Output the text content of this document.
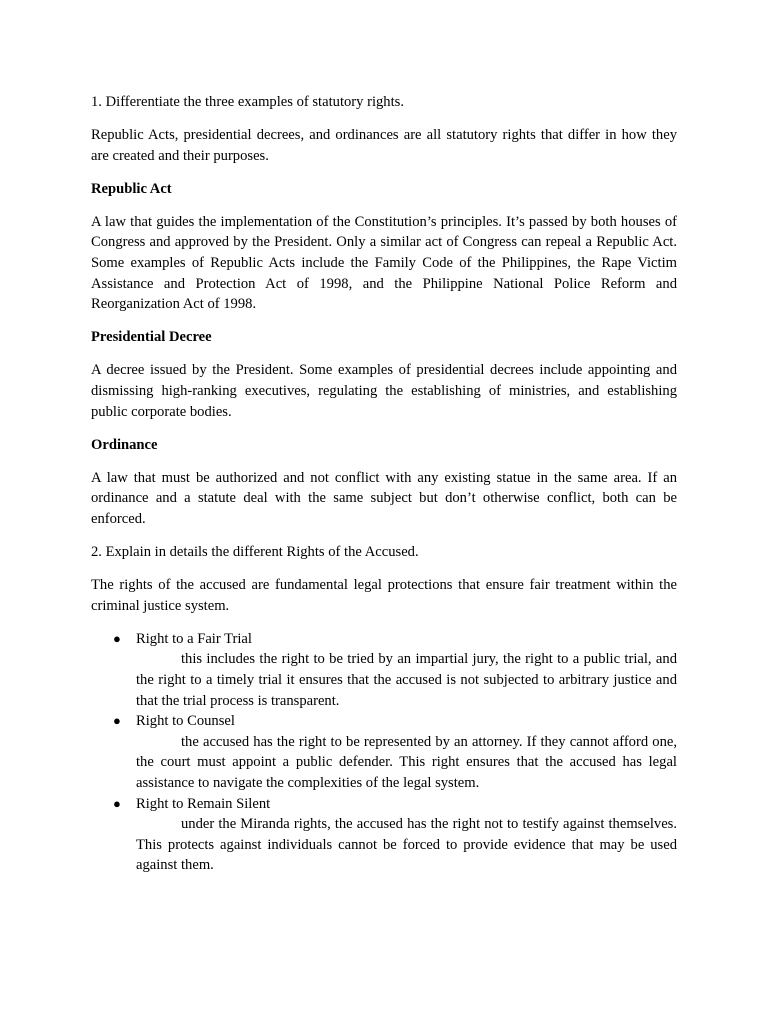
1. Differentiate the three examples of statutory rights.

Republic Acts, presidential decrees, and ordinances are all statutory rights that differ in how they are created and their purposes.

Republic Act

A law that guides the implementation of the Constitution’s principles. It’s passed by both houses of Congress and approved by the President. Only a similar act of Congress can repeal a Republic Act. Some examples of Republic Acts include the Family Code of the Philippines, the Rape Victim Assistance and Protection Act of 1998, and the Philippine National Police Reform and Reorganization Act of 1998.

Presidential Decree

A decree issued by the President. Some examples of presidential decrees include appointing and dismissing high-ranking executives, regulating the establishing of ministries, and establishing public corporate bodies.

Ordinance

A law that must be authorized and not conflict with any existing statue in the same area. If an ordinance and a statute deal with the same subject but don’t otherwise conflict, both can be enforced.

2. Explain in details the different Rights of the Accused.

The rights of the accused are fundamental legal protections that ensure fair treatment within the criminal justice system.

● Right to a Fair Trial
this includes the right to be tried by an impartial jury, the right to a public trial, and the right to a timely trial it ensures that the accused is not subjected to arbitrary justice and that the trial process is transparent.
● Right to Counsel
the accused has the right to be represented by an attorney. If they cannot afford one, the court must appoint a public defender. This right ensures that the accused has legal assistance to navigate the complexities of the legal system.
● Right to Remain Silent
under the Miranda rights, the accused has the right not to testify against themselves. This protects against individuals cannot be forced to provide evidence that may be used against them.
